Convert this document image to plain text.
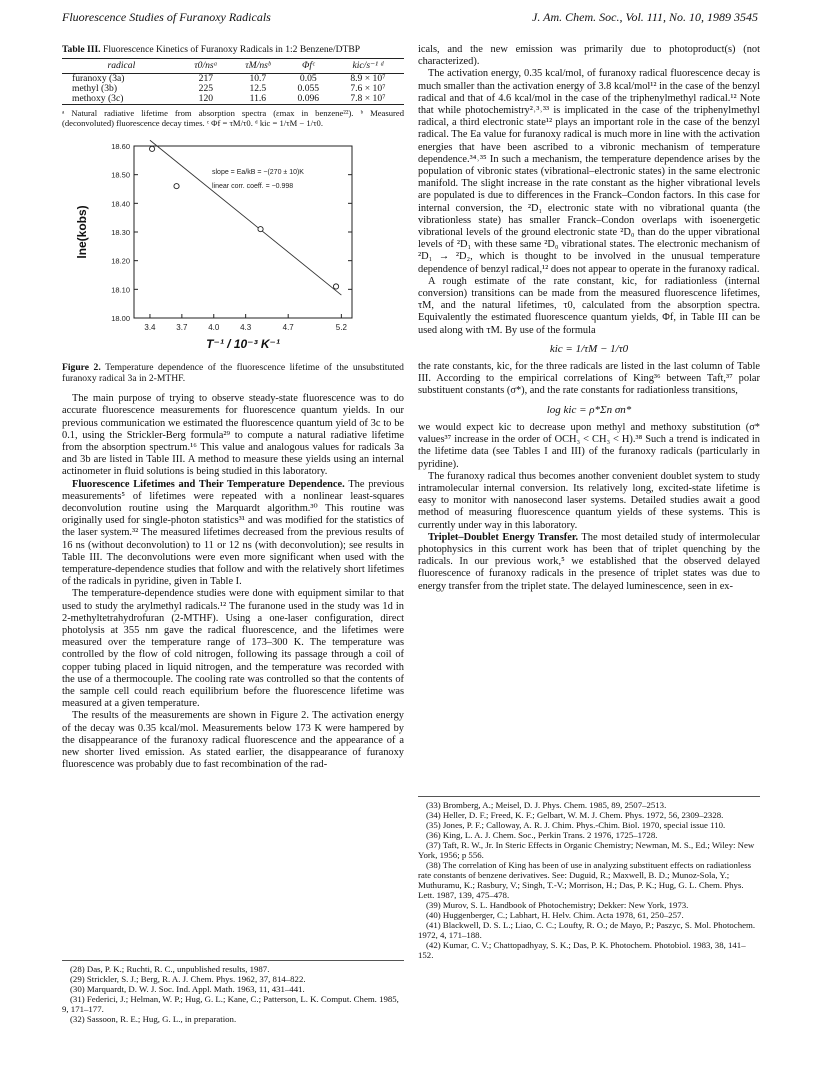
Fluorescence Studies of Furanoxy Radicals	J. Am. Chem. Soc., Vol. 111, No. 10, 1989 3545
Table III. Fluorescence Kinetics of Furanoxy Radicals in 1:2 Benzene/DTBP
radical	τ0/nsᵃ	τM/nsᵇ	Φfᶜ	kic/s⁻¹ ᵈ
furanoxy (3a)	217	10.7	0.05	8.9 × 10⁷
methyl (3b)	225	12.5	0.055	7.6 × 10⁷
methoxy (3c)	120	11.6	0.096	7.8 × 10⁷
ᵃ Natural radiative lifetime from absorption spectra (εmax in benzene²²). ᵇ Measured (deconvoluted) fluorescence decay times. ᶜ Φf = τM/τ0. ᵈ kic = 1/τM − 1/τ0.
3.4	3.7	4.0	4.3	4.7	5.2
18.60
18.50
18.40
18.30
18.20
18.10
18.00
slope = Ea/kB = −(270 ± 10)K
linear corr. coeff. = −0.998
T⁻¹ / 10⁻³ K⁻¹
lne(kobs)
Figure 2. Temperature dependence of the fluorescence lifetime of the unsubstituted furanoxy radical 3a in 2-MTHF.

The main purpose of trying to observe steady-state fluorescence was to do accurate fluorescence measurements for fluorescence quantum yields. In our previous communication we estimated the fluorescence quantum yield of 3c to be 0.1, using the Strickler-Berg formula²⁹ to compute a natural radiative lifetime from the absorption spectrum.¹⁶ This value and analogous values for radicals 3a and 3b are listed in Table III. A method to measure these yields using an internal actinometer in fluid solutions is being studied in this laboratory.

Fluorescence Lifetimes and Their Temperature Dependence. The previous measurements⁵ of lifetimes were repeated with a nonlinear least-squares deconvolution routine using the Marquardt algorithm.³⁰ This routine was originally used for single-photon statistics³¹ and was modified for the statistics of the laser system.³² The measured lifetimes decreased from the previous results of 16 ns (without deconvolution) to 11 or 12 ns (with deconvolution); see results in Table III. The deconvolutions were even more significant when used with the temperature-dependence studies that follow and with the relatively short lifetimes of the radicals in pyridine, given in Table I.

The temperature-dependence studies were done with equipment similar to that used to study the arylmethyl radicals.¹² The furanone used in the study was 1d in 2-methyltetrahydrofuran (2-MTHF). Using a one-laser configuration, direct photolysis at 355 nm gave the radical fluorescence, and the lifetimes were measured over the temperature range of 173–300 K. The temperature was controlled by the flow of cold nitrogen, following its passage through a coil of copper tubing placed in liquid nitrogen, and the temperature was recorded with the use of a thermocouple. The cooling rate was controlled so that the contents of the sample cell could reach equilibrium before the fluorescence lifetime was measured at a given temperature.

The results of the measurements are shown in Figure 2. The activation energy of the decay was 0.35 kcal/mol. Measurements below 173 K were hampered by the disappearance of the furanoxy radical fluorescence and the appearance of a new shorter lived emission. As stated earlier, the disappearance of furanoxy fluorescence was probably due to fast recombination of the rad-

(28) Das, P. K.; Ruchti, R. C., unpublished results, 1987.
(29) Strickler, S. J.; Berg, R. A. J. Chem. Phys. 1962, 37, 814–822.
(30) Marquardt, D. W. J. Soc. Ind. Appl. Math. 1963, 11, 431–441.
(31) Federici, J.; Helman, W. P.; Hug, G. L.; Kane, C.; Patterson, L. K. Comput. Chem. 1985, 9, 171–177.
(32) Sassoon, R. E.; Hug, G. L., in preparation.

icals, and the new emission was primarily due to photoproduct(s) (not characterized).

The activation energy, 0.35 kcal/mol, of furanoxy radical fluorescence decay is much smaller than the activation energy of 3.8 kcal/mol¹² in the case of the benzyl radical and that of 4.6 kcal/mol in the case of the triphenylmethyl radical.¹² Note that while photochemistry²˒³˒³³ is implicated in the case of the triphenylmethyl radical, a third electronic state¹² plays an important role in the case of the benzyl radical. The Ea value for furanoxy radical is much more in line with the activation energies that have been ascribed to a vibronic mechanism of temperature dependence.³⁴˒³⁵ In such a mechanism, the temperature dependence arises by the population of vibronic states (vibrational–electronic states) in the same electronic manifold. The slight increase in the rate constant as the higher vibrational levels are populated is due to differences in the Franck–Condon factors. In this case for internal conversion, the ²D₁ electronic state with no vibrational quanta (the vibrationless state) has smaller Franck–Condon overlaps with isoenergetic vibrational levels of the ground electronic state ²D₀ than do the upper vibrational levels of ²D₁ with these same ²D₀ vibrational states. The electronic mechanism of ²D₁ → ²D₂, which is thought to be involved in the unusual temperature dependence of benzyl radical,¹² does not appear to operate in the furanoxy radical.

A rough estimate of the rate constant, kic, for radiationless (internal conversion) transitions can be made from the measured fluorescence lifetimes, τM, and the natural lifetimes, τ0, calculated from the absorption spectra. Equivalently the estimated fluorescence quantum yields, Φf, in Table III can be used along with τM. By use of the formula

kic = 1/τM − 1/τ0

the rate constants, kic, for the three radicals are listed in the last column of Table III. According to the empirical correlations of King³⁶ between Taft,³⁷ polar substituent constants (σ*), and the rate constants for radiationless transitions,

log kic = ρ*Σn σn*

we would expect kic to decrease upon methyl and methoxy substitution (σ* values³⁷ increase in the order of OCH₃ < CH₃ < H).³⁸ Such a trend is indicated in the lifetime data (see Tables I and III) of the furanoxy radicals (particularly in pyridine).

The furanoxy radical thus becomes another convenient doublet system to study intramolecular internal conversion. Its relatively long, excited-state lifetime is easy to monitor with nanosecond laser systems. Detailed studies await a good method of measuring fluorescence quantum yields of these systems. This is currently under way in this laboratory.

Triplet–Doublet Energy Transfer. The most detailed study of intermolecular photophysics in this current work has been that of triplet quenching by the radicals. In our previous work,⁵ we established that the observed delayed fluorescence of furanoxy radicals in the presence of triplet states was due to energy transfer from the triplet state. The delayed luminescence, seen in ex-

(33) Bromberg, A.; Meisel, D. J. Phys. Chem. 1985, 89, 2507–2513.
(34) Heller, D. F.; Freed, K. F.; Gelbart, W. M. J. Chem. Phys. 1972, 56, 2309–2328.
(35) Jones, P. F.; Calloway, A. R. J. Chim. Phys.-Chim. Biol. 1970, special issue 110.
(36) King, L. A. J. Chem. Soc., Perkin Trans. 2 1976, 1725–1728.
(37) Taft, R. W., Jr. In Steric Effects in Organic Chemistry; Newman, M. S., Ed.; Wiley: New York, 1956; p 556.
(38) The correlation of King has been of use in analyzing substituent effects on radiationless rate constants of benzene derivatives. See: Duguid, R.; Maxwell, B. D.; Munoz-Sola, Y.; Muthuramu, K.; Rasbury, V.; Singh, T.-V.; Morrison, H.; Das, P. K.; Hug, G. L. Chem. Phys. Lett. 1987, 139, 475–478.
(39) Murov, S. L. Handbook of Photochemistry; Dekker: New York, 1973.
(40) Huggenberger, C.; Labhart, H. Helv. Chim. Acta 1978, 61, 250–257.
(41) Blackwell, D. S. L.; Liao, C. C.; Loufty, R. O.; de Mayo, P.; Paszyc, S. Mol. Photochem. 1972, 4, 171–188.
(42) Kumar, C. V.; Chattopadhyay, S. K.; Das, P. K. Photochem. Photobiol. 1983, 38, 141–152.
